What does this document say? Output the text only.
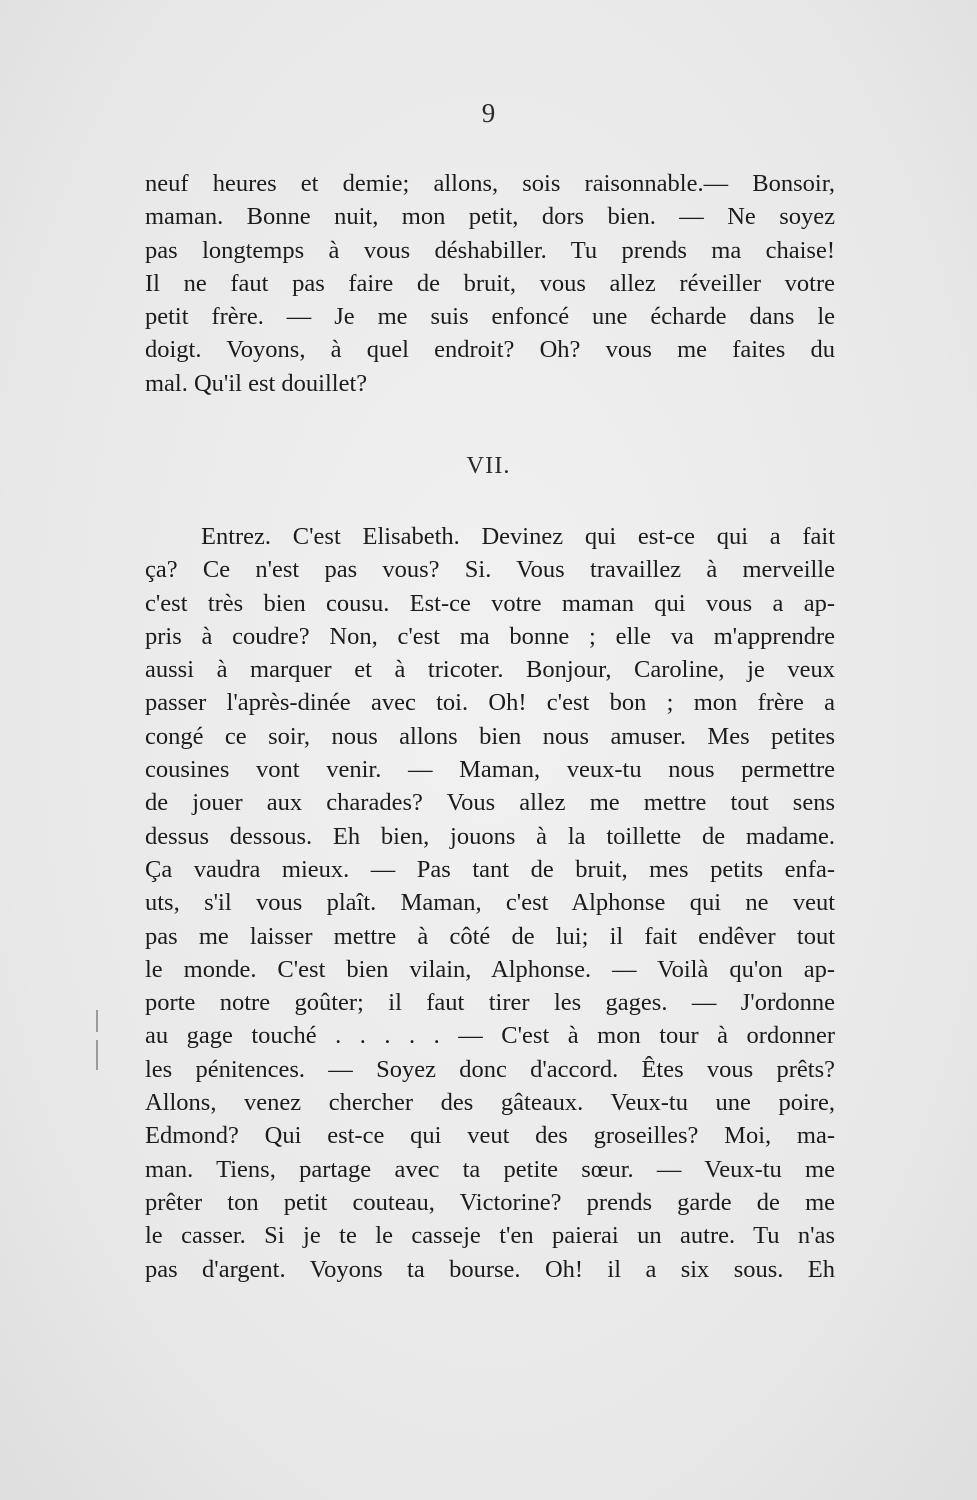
9
neuf heures et demie; allons, sois raisonnable.— Bonsoir,
maman. Bonne nuit, mon petit, dors bien. — Ne soyez
pas longtemps à vous déshabiller. Tu prends ma chaise!
Il ne faut pas faire de bruit, vous allez réveiller votre
petit frère. — Je me suis enfoncé une écharde dans le
doigt. Voyons, à quel endroit? Oh? vous me faites du
mal. Qu'il est douillet?
VII.
Entrez. C'est Elisabeth. Devinez qui est-ce qui a fait
ça? Ce n'est pas vous? Si. Vous travaillez à merveille
c'est très bien cousu. Est-ce votre maman qui vous a ap-
pris à coudre? Non, c'est ma bonne ; elle va m'apprendre
aussi à marquer et à tricoter. Bonjour, Caroline, je veux
passer l'après-dinée avec toi. Oh! c'est bon ; mon frère a
congé ce soir, nous allons bien nous amuser. Mes petites
cousines vont venir. — Maman, veux-tu nous permettre
de jouer aux charades? Vous allez me mettre tout sens
dessus dessous. Eh bien, jouons à la toillette de madame.
Ça vaudra mieux. — Pas tant de bruit, mes petits enfa-
uts, s'il vous plaît. Maman, c'est Alphonse qui ne veut
pas me laisser mettre à côté de lui; il fait endêver tout
le monde. C'est bien vilain, Alphonse. — Voilà qu'on ap-
porte notre goûter; il faut tirer les gages. — J'ordonne
au gage touché . . . . . — C'est à mon tour à ordonner
les pénitences. — Soyez donc d'accord. Êtes vous prêts?
Allons, venez chercher des gâteaux. Veux-tu une poire,
Edmond? Qui est-ce qui veut des groseilles? Moi, ma-
man. Tiens, partage avec ta petite sœur. — Veux-tu me
prêter ton petit couteau, Victorine? prends garde de me
le casser. Si je te le casseje t'en paierai un autre. Tu n'as
pas d'argent. Voyons ta bourse. Oh! il a six sous. Eh
